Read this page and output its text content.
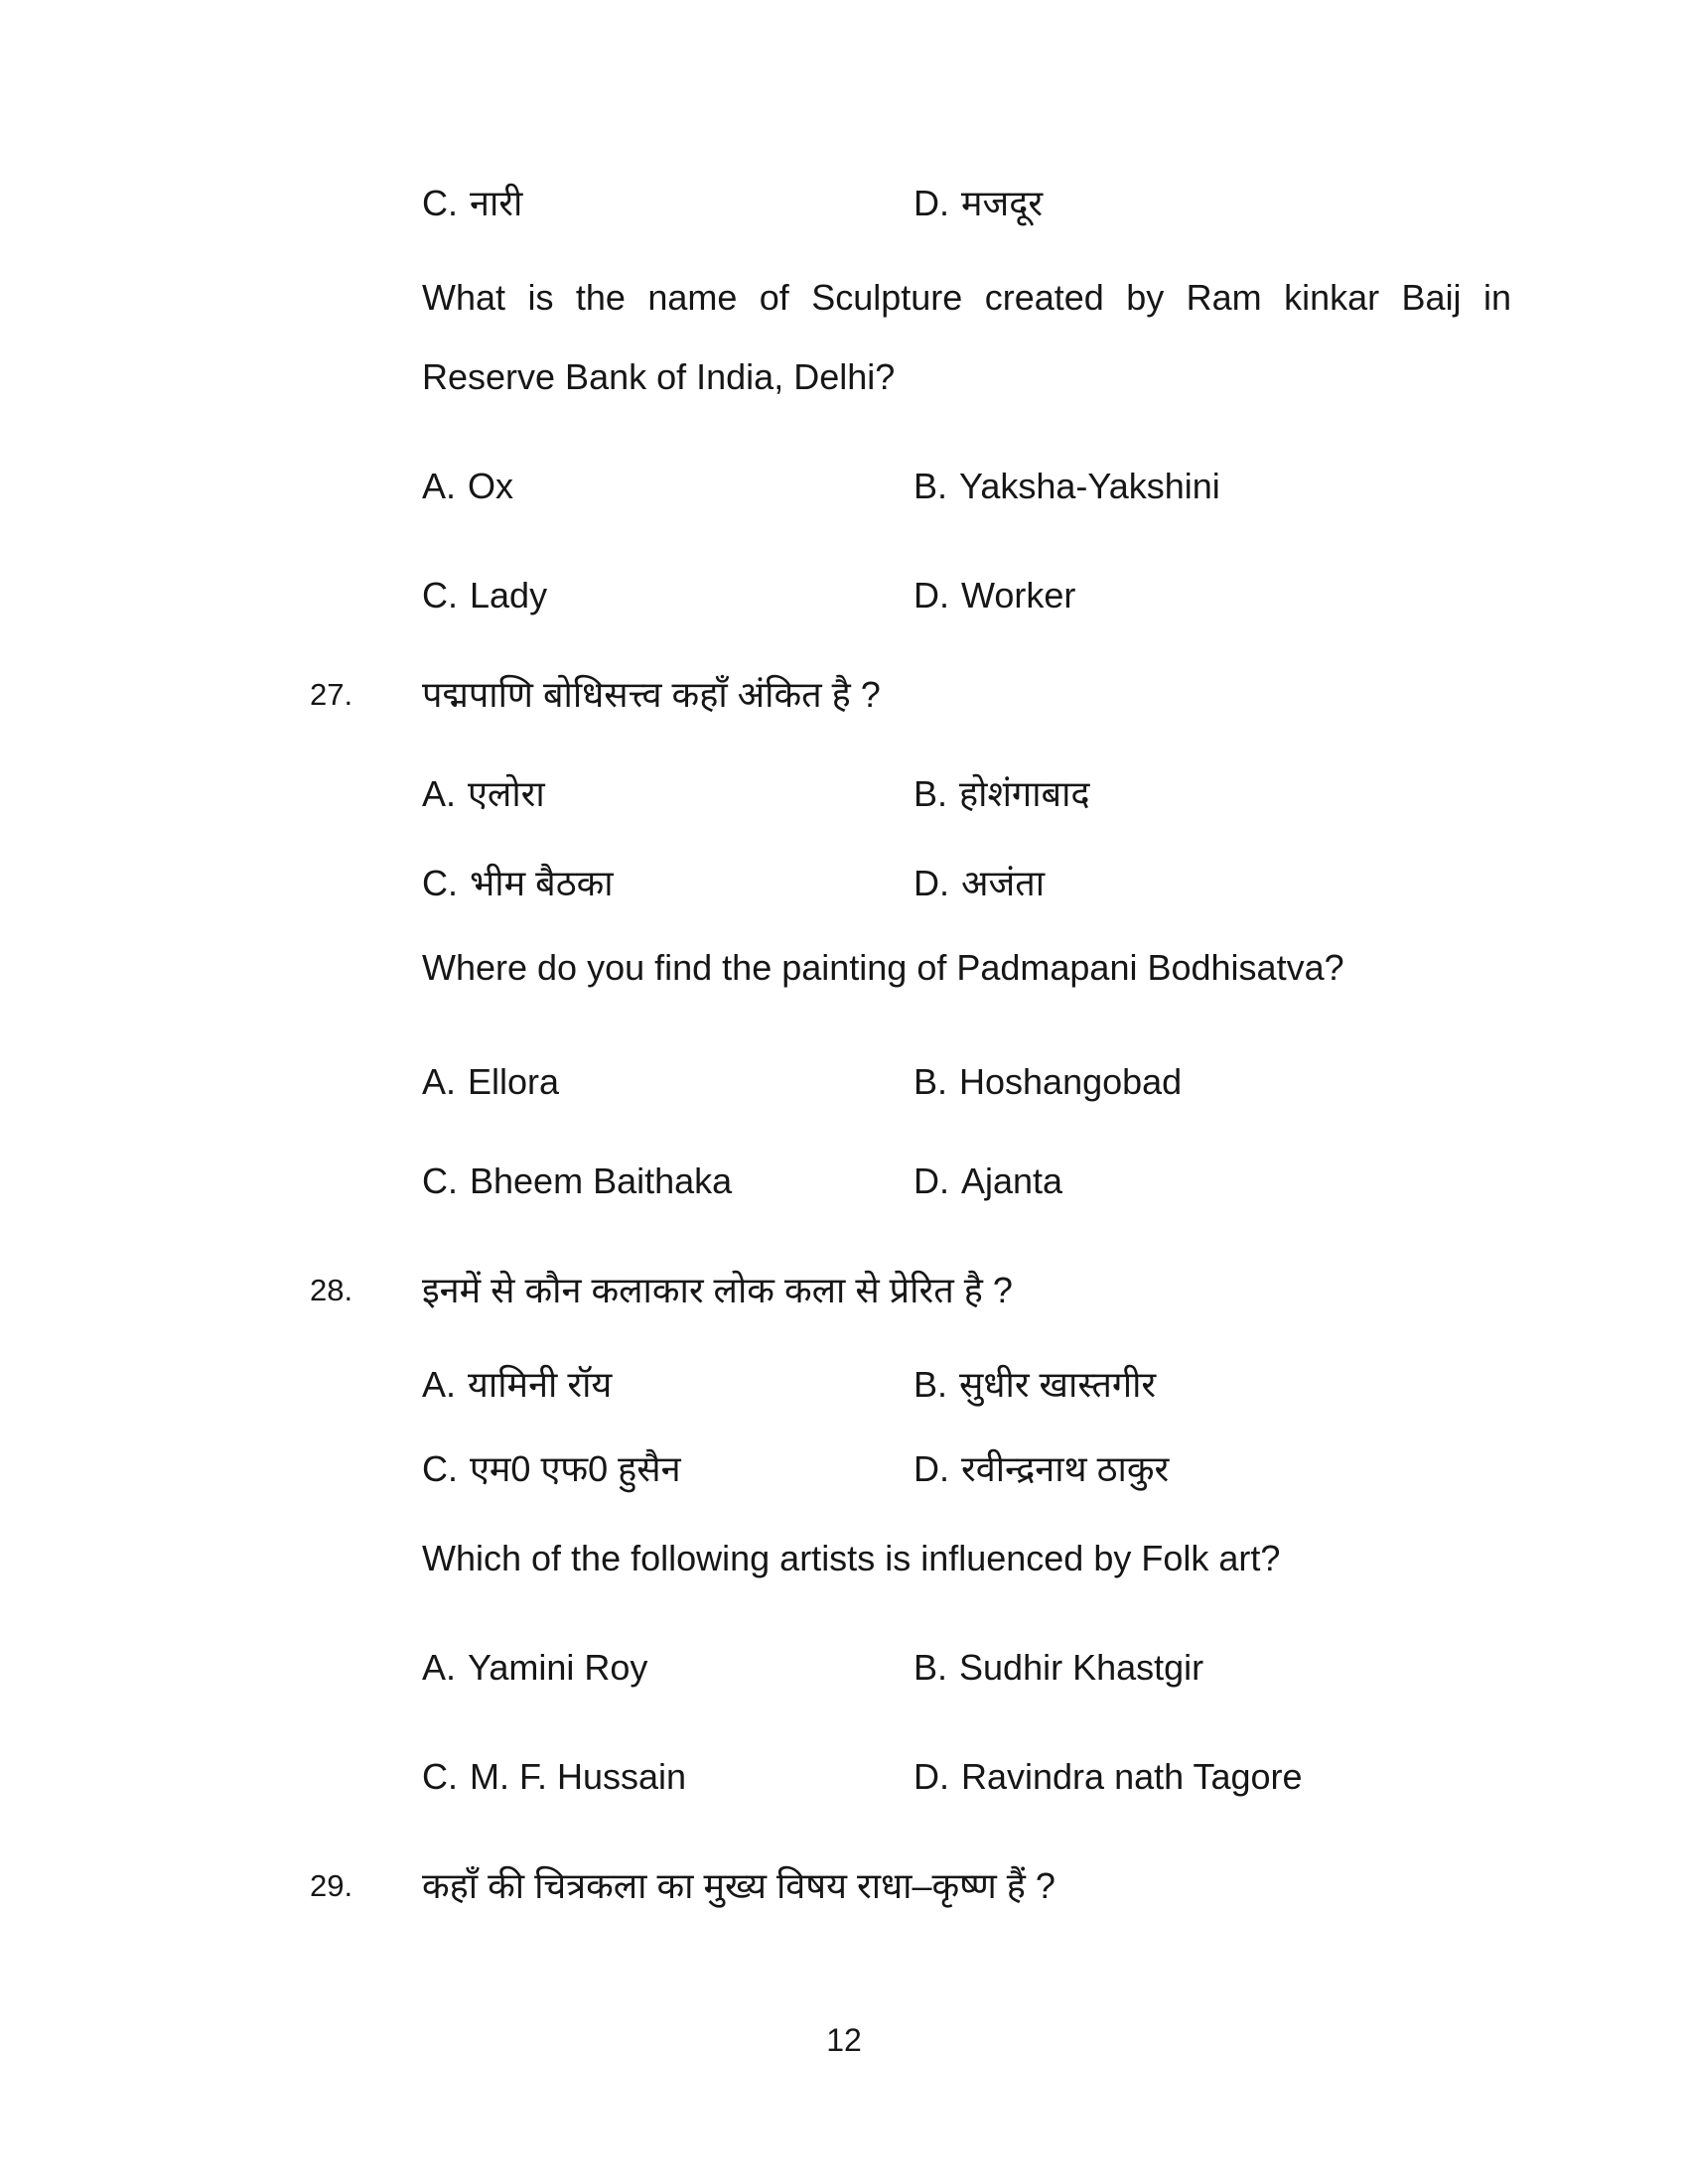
C. नारी	D. मजदूर
What is the name of Sculpture created by Ram kinkar Baij in
Reserve Bank of India, Delhi?
A. Ox	B. Yaksha-Yakshini
C. Lady	D. Worker
27. पद्मपाणि बोधिसत्त्व कहाँ अंकित है ?
A. एलोरा	B. होशंगाबाद
C. भीम बैठका	D. अजंता
Where do you find the painting of Padmapani Bodhisatva?
A. Ellora	B. Hoshangobad
C. Bheem Baithaka	D. Ajanta
28. इनमें से कौन कलाकार लोक कला से प्रेरित है ?
A. यामिनी रॉय	B. सुधीर खास्तगीर
C. एम0 एफ0 हुसैन	D. रवीन्द्रनाथ ठाकुर
Which of the following artists is influenced by Folk art?
A. Yamini Roy	B. Sudhir Khastgir
C. M. F. Hussain	D. Ravindra nath Tagore
29. कहाँ की चित्रकला का मुख्य विषय राधा–कृष्ण हैं ?
12
